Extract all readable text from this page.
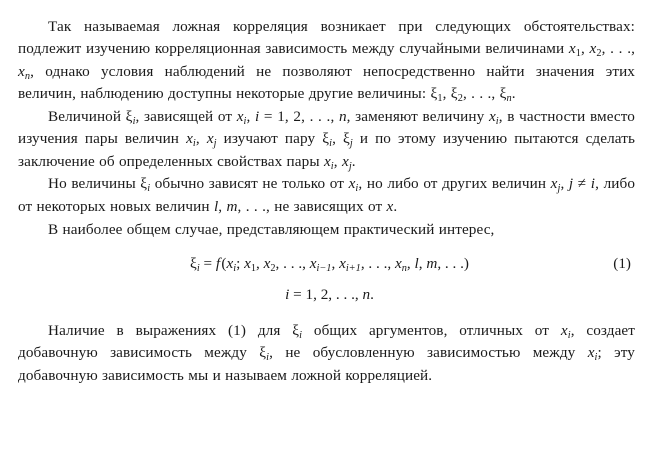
Так называемая ложная корреляция возникает при следующих обстоятельствах: подлежит изучению корреляционная зависимость между случайными величинами $x_1$, $x_2$, . . ., $x_n$, однако условия наблю​дений не позволяют непосредственно найти значения этих величин, наблюдению доступны некоторые другие величины: $\xi_1$, $\xi_2$, . . ., $\xi_n$.

Величиной $\xi_i$, зависящей от $x_i$, i = 1, 2, . . ., n, заменяют вели​чину $x_i$, в частности вместо изучения пары величин $x_i$, $x_j$ изучают пару $\xi_i$, $\xi_j$ и по этому изучению пытаются сделать заключение об опре​деленных свойствах пары $x_i$, $x_j$.

Но величины $\xi_i$ обычно зависят не только от $x_i$, но либо от других величин $x_j$, j ≠ i, либо от некоторых новых величин l, m, . . ., не зави​сящих от x.

В наиболее общем случае, представляющем практический интерес,

$\xi_i = f$ ($x_i$; $x_1$, $x_2$, . . ., $x_{i-1}$, $x_{i+1}$, . . ., $x_n$, l, m, . . .)	(1)
i = 1, 2, . . ., n.

Наличие в выражениях (1) для $\xi_i$ общих аргументов, отличных от $x_i$, создает добавочную зависимость между $\xi_i$, не обусловленную зависимостью между $x_i$; эту добавочную зависимость мы и называем ложной корреляцией.
